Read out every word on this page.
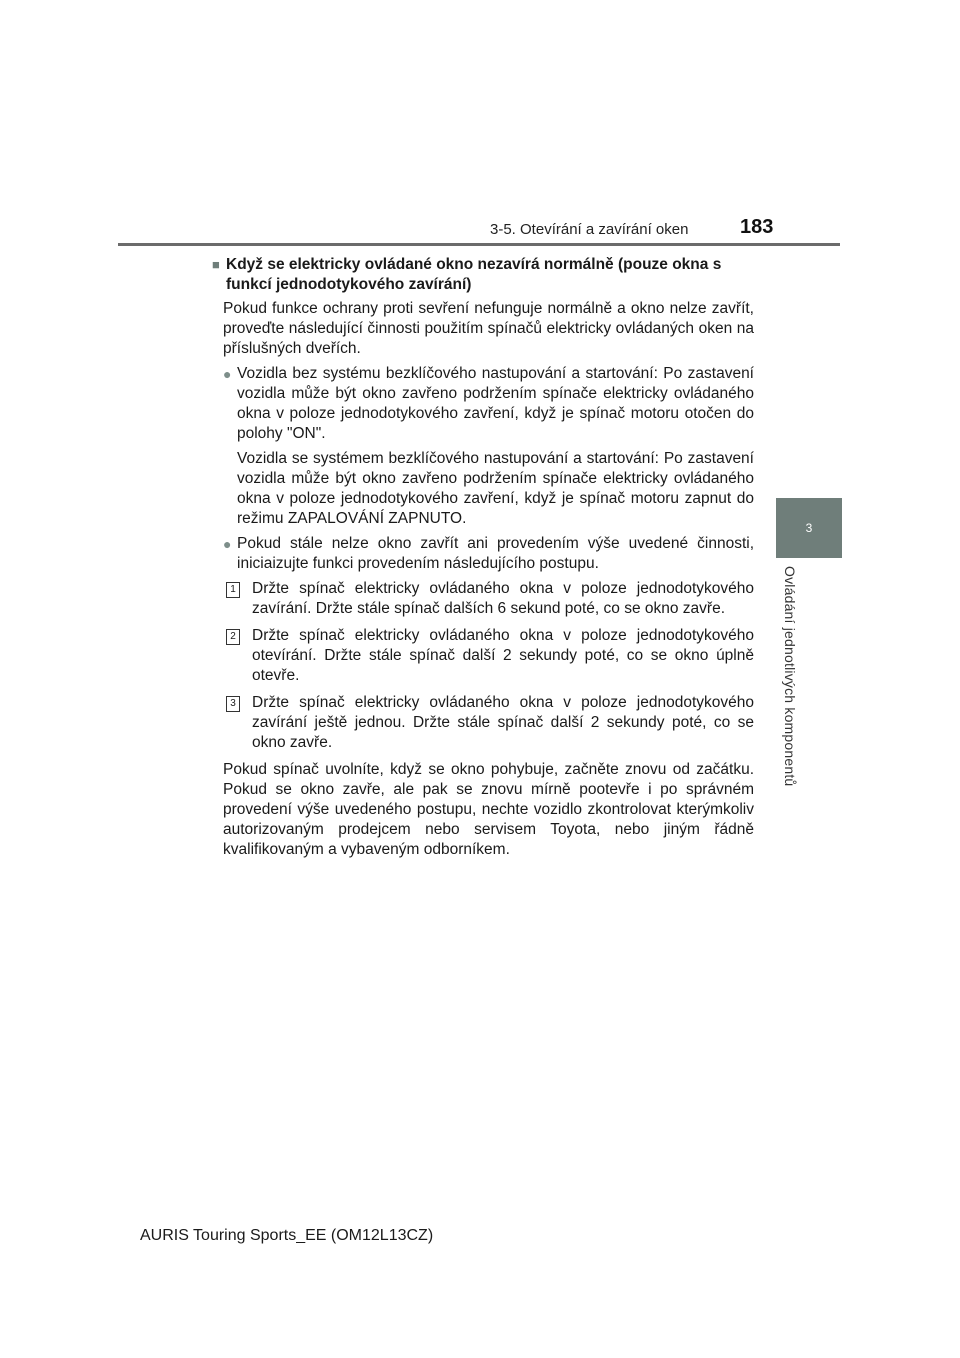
3-5. Otevírání a zavírání oken	183
3
Ovládání jednotlivých komponentů
■ Když se elektricky ovládané okno nezavírá normálně (pouze okna s funkcí jednodotykového zavírání)
Pokud funkce ochrany proti sevření nefunguje normálně a okno nelze zavřít, proveďte následující činnosti použitím spínačů elektricky ovládaných oken na příslušných dveřích.
● Vozidla bez systému bezklíčového nastupování a startování: Po zastavení vozidla může být okno zavřeno podržením spínače elektricky ovládaného okna v poloze jednodotykového zavření, když je spínač motoru otočen do polohy "ON".
Vozidla se systémem bezklíčového nastupování a startování: Po zastavení vozidla může být okno zavřeno podržením spínače elektricky ovládaného okna v poloze jednodotykového zavření, když je spínač motoru zapnut do režimu ZAPALOVÁNÍ ZAPNUTO.
● Pokud stále nelze okno zavřít ani provedením výše uvedené činnosti, iniciaizujte funkci provedením následujícího postupu.
1 Držte spínač elektricky ovládaného okna v poloze jednodotykového zavírání. Držte stále spínač dalších 6 sekund poté, co se okno zavře.
2 Držte spínač elektricky ovládaného okna v poloze jednodotykového otevírání. Držte stále spínač další 2 sekundy poté, co se okno úplně otevře.
3 Držte spínač elektricky ovládaného okna v poloze jednodotykového zavírání ještě jednou. Držte stále spínač další 2 sekundy poté, co se okno zavře.
Pokud spínač uvolníte, když se okno pohybuje, začněte znovu od začátku. Pokud se okno zavře, ale pak se znovu mírně pootevře i po správném provedení výše uvedeného postupu, nechte vozidlo zkontrolovat kterýmkoliv autorizovaným prodejcem nebo servisem Toyota, nebo jiným řádně kvalifikovaným a vybaveným odborníkem.
AURIS Touring Sports_EE (OM12L13CZ)
